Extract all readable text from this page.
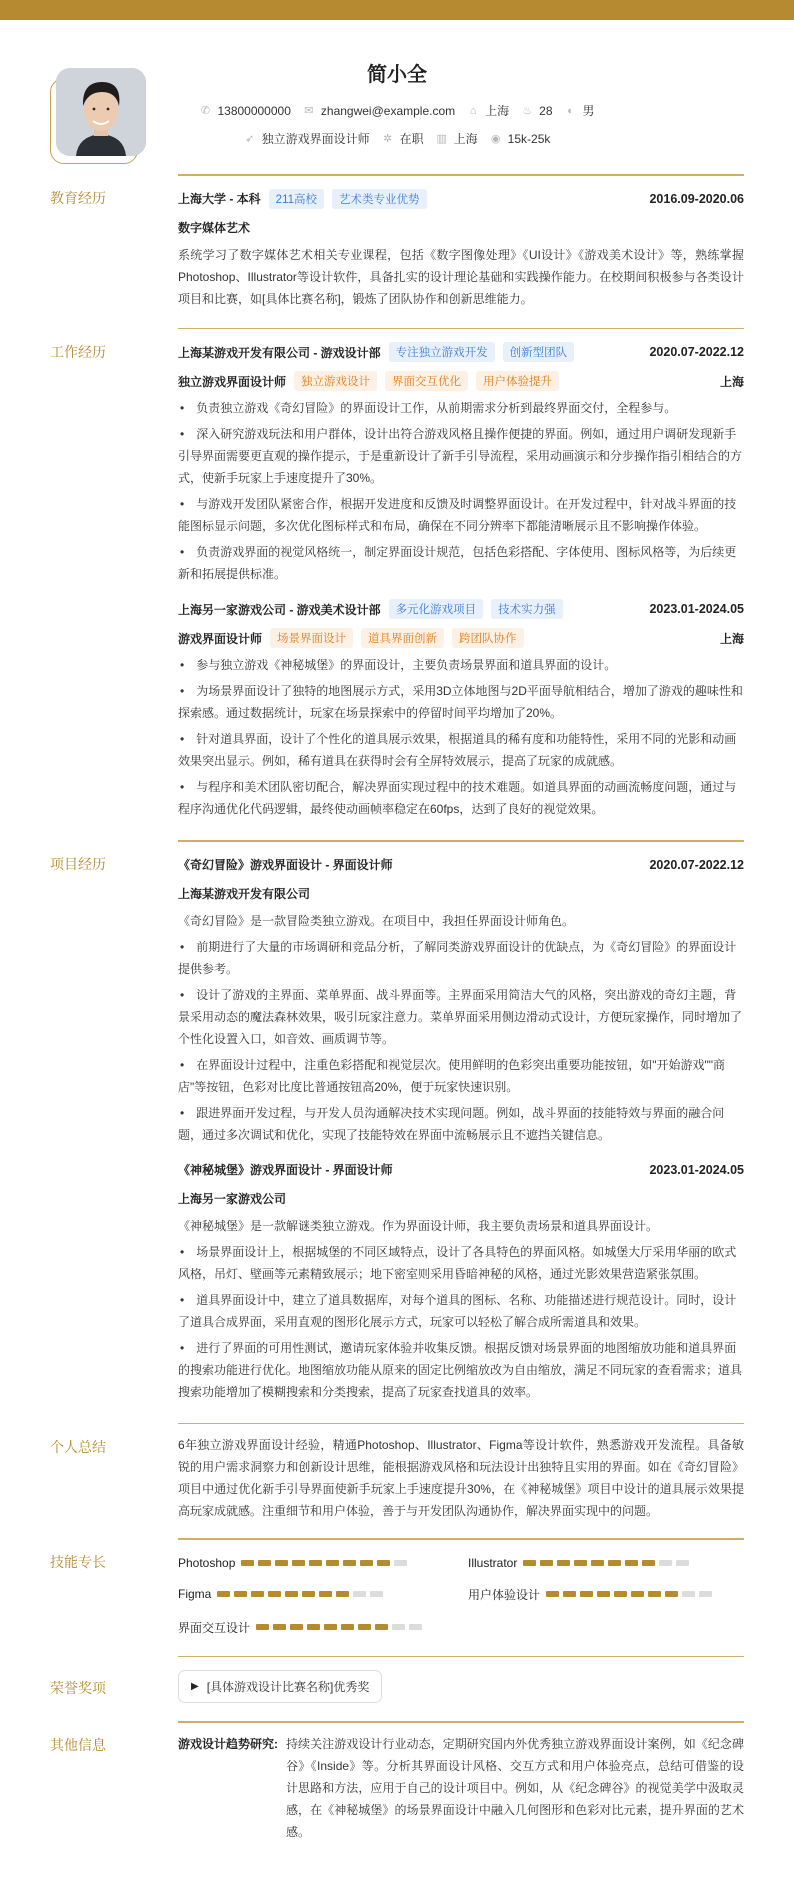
简小全
✆ 13800000000 ✉ zhangwei@example.com ⌂ 上海 ♨ 28 ◐ 男
➶ 独立游戏界面设计师 ✲ 在职 ▥ 上海 ◉ 15k-25k
教育经历	上海大学 - 本科	211高校	艺术类专业优势	2016.09-2020.06
数字媒体艺术
系统学习了数字媒体艺术相关专业课程，包括《数字图像处理》《UI设计》《游戏美术设计》等，熟练掌握Photoshop、Illustrator等设计软件，具备扎实的设计理论基础和实践操作能力。在校期间积极参与各类设计项目和比赛，如[具体比赛名称]，锻炼了团队协作和创新思维能力。
工作经历	上海某游戏开发有限公司 - 游戏设计部	专注独立游戏开发	创新型团队	2020.07-2022.12
独立游戏界面设计师	独立游戏设计	界面交互优化	用户体验提升	上海
• 负责独立游戏《奇幻冒险》的界面设计工作，从前期需求分析到最终界面交付，全程参与。
• 深入研究游戏玩法和用户群体，设计出符合游戏风格且操作便捷的界面。例如，通过用户调研发现新手引导界面需要更直观的操作提示，于是重新设计了新手引导流程，采用动画演示和分步操作指引相结合的方式，使新手玩家上手速度提升了30%。
• 与游戏开发团队紧密合作，根据开发进度和反馈及时调整界面设计。在开发过程中，针对战斗界面的技能图标显示问题，多次优化图标样式和布局，确保在不同分辨率下都能清晰展示且不影响操作体验。
• 负责游戏界面的视觉风格统一，制定界面设计规范，包括色彩搭配、字体使用、图标风格等，为后续更新和拓展提供标准。
上海另一家游戏公司 - 游戏美术设计部	多元化游戏项目	技术实力强	2023.01-2024.05
游戏界面设计师	场景界面设计	道具界面创新	跨团队协作	上海
• 参与独立游戏《神秘城堡》的界面设计，主要负责场景界面和道具界面的设计。
• 为场景界面设计了独特的地图展示方式，采用3D立体地图与2D平面导航相结合，增加了游戏的趣味性和探索感。通过数据统计，玩家在场景探索中的停留时间平均增加了20%。
• 针对道具界面，设计了个性化的道具展示效果，根据道具的稀有度和功能特性，采用不同的光影和动画效果突出显示。例如，稀有道具在获得时会有全屏特效展示，提高了玩家的成就感。
• 与程序和美术团队密切配合，解决界面实现过程中的技术难题。如道具界面的动画流畅度问题，通过与程序沟通优化代码逻辑，最终使动画帧率稳定在60fps，达到了良好的视觉效果。
项目经历	《奇幻冒险》游戏界面设计 - 界面设计师	2020.07-2022.12
上海某游戏开发有限公司
《奇幻冒险》是一款冒险类独立游戏。在项目中，我担任界面设计师角色。
• 前期进行了大量的市场调研和竞品分析，了解同类游戏界面设计的优缺点，为《奇幻冒险》的界面设计提供参考。
• 设计了游戏的主界面、菜单界面、战斗界面等。主界面采用简洁大气的风格，突出游戏的奇幻主题，背景采用动态的魔法森林效果，吸引玩家注意力。菜单界面采用侧边滑动式设计，方便玩家操作，同时增加了个性化设置入口，如音效、画质调节等。
• 在界面设计过程中，注重色彩搭配和视觉层次。使用鲜明的色彩突出重要功能按钮，如"开始游戏""商店"等按钮，色彩对比度比普通按钮高20%，便于玩家快速识别。
• 跟进界面开发过程，与开发人员沟通解决技术实现问题。例如，战斗界面的技能特效与界面的融合问题，通过多次调试和优化，实现了技能特效在界面中流畅展示且不遮挡关键信息。
《神秘城堡》游戏界面设计 - 界面设计师	2023.01-2024.05
上海另一家游戏公司
《神秘城堡》是一款解谜类独立游戏。作为界面设计师，我主要负责场景和道具界面设计。
• 场景界面设计上，根据城堡的不同区域特点，设计了各具特色的界面风格。如城堡大厅采用华丽的欧式风格，吊灯、壁画等元素精致展示；地下密室则采用昏暗神秘的风格，通过光影效果营造紧张氛围。
• 道具界面设计中，建立了道具数据库，对每个道具的图标、名称、功能描述进行规范设计。同时，设计了道具合成界面，采用直观的图形化展示方式，玩家可以轻松了解合成所需道具和效果。
• 进行了界面的可用性测试，邀请玩家体验并收集反馈。根据反馈对场景界面的地图缩放功能和道具界面的搜索功能进行优化。地图缩放功能从原来的固定比例缩放改为自由缩放，满足不同玩家的查看需求；道具搜索功能增加了模糊搜索和分类搜索，提高了玩家查找道具的效率。
个人总结	6年独立游戏界面设计经验，精通Photoshop、Illustrator、Figma等设计软件，熟悉游戏开发流程。具备敏锐的用户需求洞察力和创新设计思维，能根据游戏风格和玩法设计出独特且实用的界面。如在《奇幻冒险》项目中通过优化新手引导界面使新手玩家上手速度提升30%，在《神秘城堡》项目中设计的道具展示效果提高玩家成就感。注重细节和用户体验，善于与开发团队沟通协作，解决界面实现中的问题。
技能专长	Photoshop	Illustrator
Figma	用户体验设计
界面交互设计
荣誉奖项	▶ [具体游戏设计比赛名称]优秀奖
其他信息	游戏设计趋势研究: 持续关注游戏设计行业动态，定期研究国内外优秀独立游戏界面设计案例，如《纪念碑谷》《Inside》等。分析其界面设计风格、交互方式和用户体验亮点，总结可借鉴的设计思路和方法，应用于自己的设计项目中。例如，从《纪念碑谷》的视觉美学中汲取灵感，在《神秘城堡》的场景界面设计中融入几何图形和色彩对比元素，提升界面的艺术感。
